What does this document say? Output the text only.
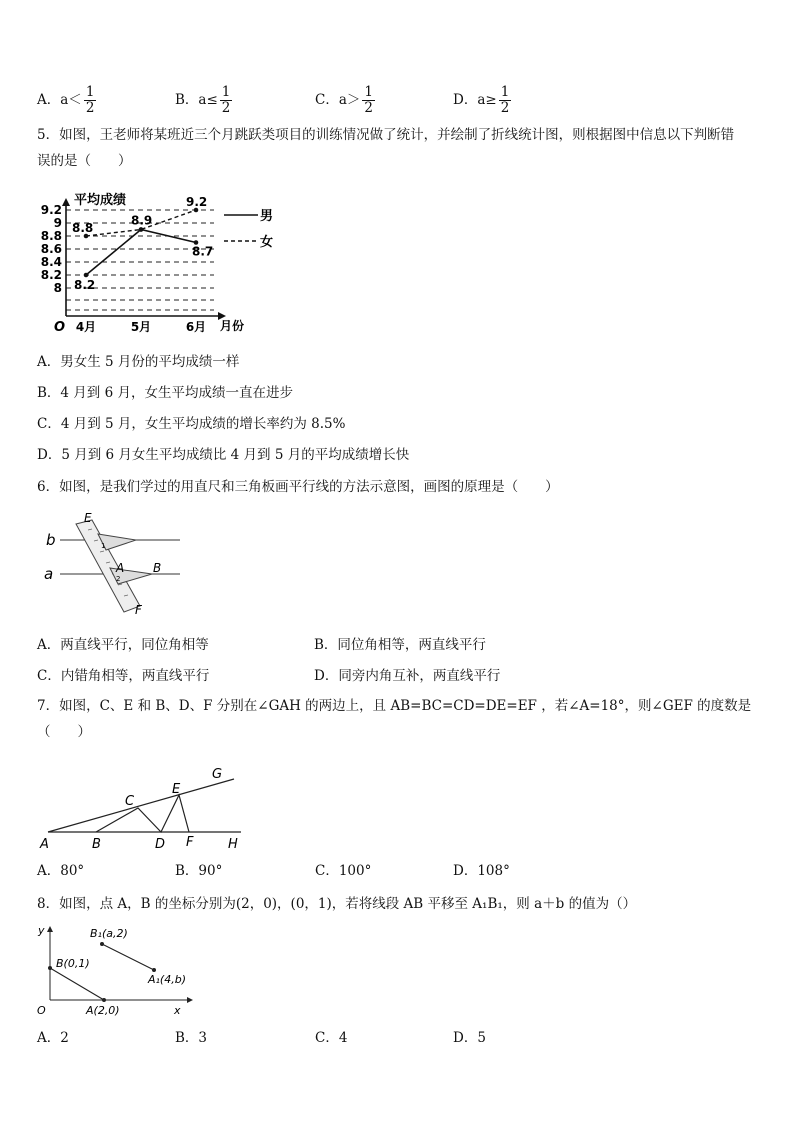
A．$a< \frac{1}{2}$	B．$a\le \frac{1}{2}$	C．$a> \frac{1}{2}$	D．$a\ge \frac{1}{2}$
5．如图，王老师将某班近三个月跳跃类项目的训练情况做了统计，并绘制了折线统计图，则根据图中信息以下判断错
误的是（　　）
平均成绩
O	月份
9.2
9
8.8
8.6
8.4
8.2
8
4月	5月	6月
8.2
8.9
8.7
8.8
9.2
男
女
A．男女生 5 月份的平均成绩一样
B．4 月到 6 月，女生平均成绩一直在进步
C．4 月到 5 月，女生平均成绩的增长率约为 8.5%
D．5 月到 6 月女生平均成绩比 4 月到 5 月的平均成绩增长快
6．如图，是我们学过的用直尺和三角板画平行线的方法示意图，画图的原理是（　　）
b
a
E
A B
F
1
2
A．两直线平行，同位角相等	B．同位角相等，两直线平行
C．内错角相等，两直线平行	D．同旁内角互补，两直线平行
7．如图，C、E 和 B、D、F 分别在∠GAH 的两边上，且 AB=BC=CD=DE=EF ，若∠A=18°，则∠GEF 的度数是
（　　）
A	B
C
D
E
F
G
H
A．80°	B．90°	C．100°	D．108°
8．如图，点 A，B 的坐标分别为(2，0)，(0，1)，若将线段 AB 平移至 A₁B₁，则 a＋b 的值为（）
y
x
O
B(0,1)
A(2,0)
B₁(a,2)
A₁(4,b)
A．2	B．3	C．4	D．5
